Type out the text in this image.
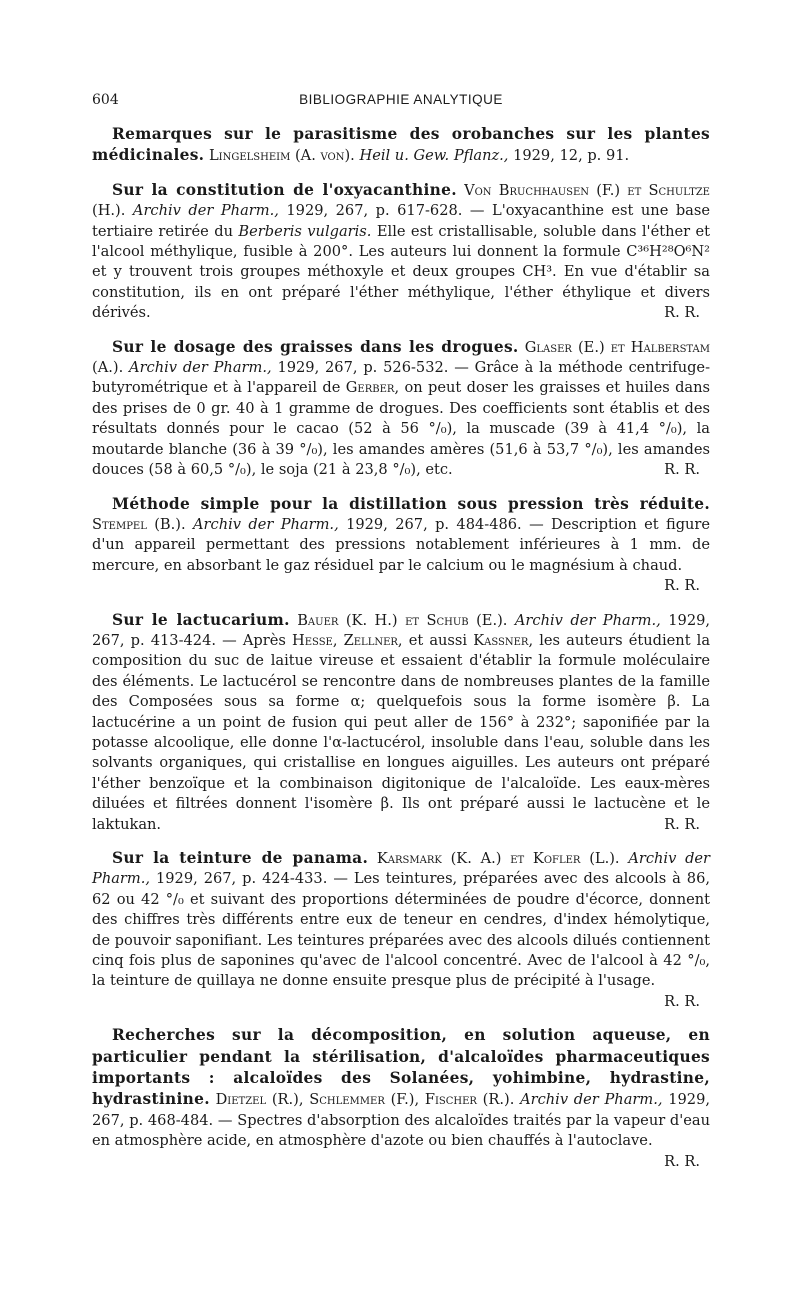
604	BIBLIOGRAPHIE ANALYTIQUE

Remarques sur le parasitisme des orobanches sur les plantes médicinales. Lingelsheim (A. von). Heil u. Gew. Pflanz., 1929, 12, p. 91.

Sur la constitution de l'oxyacanthine. Von Bruchhausen (F.) et Schultze (H.). Archiv der Pharm., 1929, 267, p. 617-628. — L'oxyacanthine est une base tertiaire retirée du Berberis vulgaris. Elle est cristallisable, soluble dans l'éther et l'alcool méthylique, fusible à 200°. Les auteurs lui donnent la formule C³⁶H²⁸O⁶N² et y trouvent trois groupes méthoxyle et deux groupes CH³. En vue d'établir sa constitution, ils en ont préparé l'éther méthylique, l'éther éthylique et divers dérivés.	R. R.

Sur le dosage des graisses dans les drogues. Glaser (E.) et Halberstam (A.). Archiv der Pharm., 1929, 267, p. 526-532. — Grâce à la méthode centrifuge-butyrométrique et à l'appareil de Gerber, on peut doser les graisses et huiles dans des prises de 0 gr. 40 à 1 gramme de drogues. Des coefficients sont établis et des résultats donnés pour le cacao (52 à 56 °/₀), la muscade (39 à 41,4 °/₀), la moutarde blanche (36 à 39 °/₀), les amandes amères (51,6 à 53,7 °/₀), les amandes douces (58 à 60,5 °/₀), le soja (21 à 23,8 °/₀), etc.	R. R.

Méthode simple pour la distillation sous pression très réduite. Stempel (B.). Archiv der Pharm., 1929, 267, p. 484-486. — Description et figure d'un appareil permettant des pressions notablement inférieures à 1 mm. de mercure, en absorbant le gaz résiduel par le calcium ou le magnésium à chaud.
R. R.

Sur le lactucarium. Bauer (K. H.) et Schub (E.). Archiv der Pharm., 1929, 267, p. 413-424. — Après Hesse, Zellner, et aussi Kassner, les auteurs étudient la composition du suc de laitue vireuse et essaient d'établir la formule moléculaire des éléments. Le lactucérol se rencontre dans de nombreuses plantes de la famille des Composées sous sa forme α; quelquefois sous la forme isomère β. La lactucérine a un point de fusion qui peut aller de 156° à 232°; saponifiée par la potasse alcoolique, elle donne l'α-lactucérol, insoluble dans l'eau, soluble dans les solvants organiques, qui cristallise en longues aiguilles. Les auteurs ont préparé l'éther benzoïque et la combinaison digitonique de l'alcaloïde. Les eaux-mères diluées et filtrées donnent l'isomère β. Ils ont préparé aussi le lactucène et le laktukan.	R. R.

Sur la teinture de panama. Karsmark (K. A.) et Kofler (L.). Archiv der Pharm., 1929, 267, p. 424-433. — Les teintures, préparées avec des alcools à 86, 62 ou 42 °/₀ et suivant des proportions déterminées de poudre d'écorce, donnent des chiffres très différents entre eux de teneur en cendres, d'index hémolytique, de pouvoir saponifiant. Les teintures préparées avec des alcools dilués contiennent cinq fois plus de saponines qu'avec de l'alcool concentré. Avec de l'alcool à 42 °/₀, la teinture de quillaya ne donne ensuite presque plus de précipité à l'usage.
R. R.

Recherches sur la décomposition, en solution aqueuse, en particulier pendant la stérilisation, d'alcaloïdes pharmaceutiques importants : alcaloïdes des Solanées, yohimbine, hydrastine, hydrastinine. Dietzel (R.), Schlemmer (F.), Fischer (R.). Archiv der Pharm., 1929, 267, p. 468-484. — Spectres d'absorption des alcaloïdes traités par la vapeur d'eau en atmosphère acide, en atmosphère d'azote ou bien chauffés à l'autoclave.
R. R.
